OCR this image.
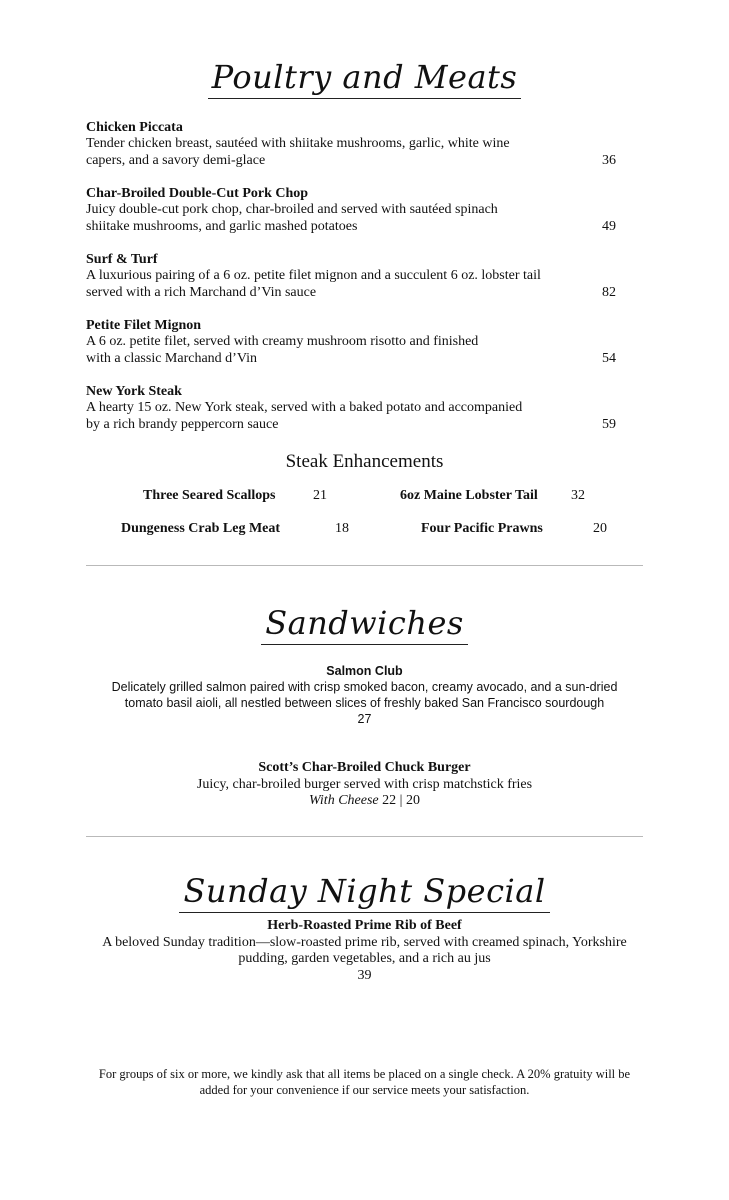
Poultry and Meats
Chicken Piccata
Tender chicken breast, sautéed with shiitake mushrooms, garlic, white wine
capers, and a savory demi-glace	36
Char-Broiled Double-Cut Pork Chop
Juicy double-cut pork chop, char-broiled and served with sautéed spinach
shiitake mushrooms, and garlic mashed potatoes	49
Surf & Turf
A luxurious pairing of a 6 oz. petite filet mignon and a succulent 6 oz. lobster tail
served with a rich Marchand d’Vin sauce	82
Petite Filet Mignon
A 6 oz. petite filet, served with creamy mushroom risotto and finished
with a classic Marchand d’Vin	54
New York Steak
A hearty 15 oz. New York steak, served with a baked potato and accompanied
by a rich brandy peppercorn sauce	59
Steak Enhancements
Three Seared Scallops	21	6oz Maine Lobster Tail 32
Dungeness Crab Leg Meat	18	Four Pacific Prawns	20
Sandwiches
Salmon Club
Delicately grilled salmon paired with crisp smoked bacon, creamy avocado, and a sun-dried
tomato basil aioli, all nestled between slices of freshly baked San Francisco sourdough
27
Scott’s Char-Broiled Chuck Burger
Juicy, char-broiled burger served with crisp matchstick fries
With Cheese 22 | 20
Sunday Night Special
Herb-Roasted Prime Rib of Beef
A beloved Sunday tradition—slow-roasted prime rib, served with creamed spinach, Yorkshire
pudding, garden vegetables, and a rich au jus
39
For groups of six or more, we kindly ask that all items be placed on a single check. A 20% gratuity will be
added for your convenience if our service meets your satisfaction.
